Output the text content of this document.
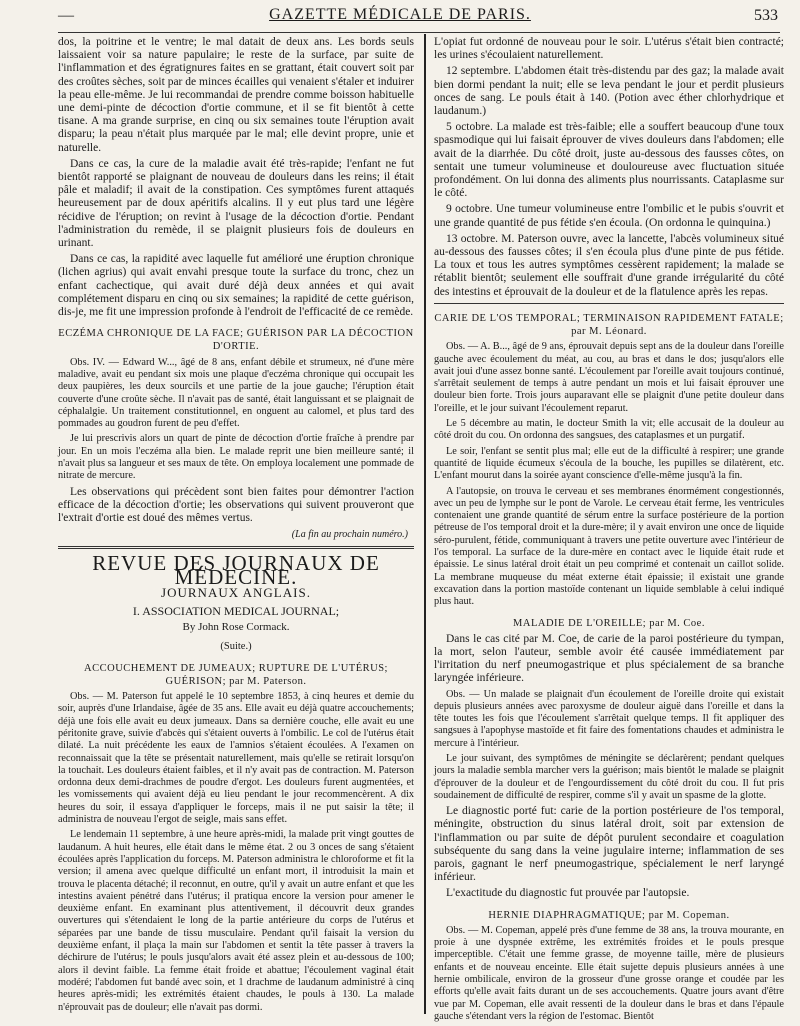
—	GAZETTE MÉDICALE DE PARIS.	533

dos, la poitrine et le ventre; le mal datait de deux ans. Les bords seuls laissaient voir sa nature papulaire; le reste de la surface, par suite de l'inflammation et des égratignures faites en se grattant, était couvert soit par des croûtes sèches, soit par de minces écailles qui venaient s'étaler et induirer la peau elle-même. Je lui recommandai de prendre comme boisson habituelle une demi-pinte de décoction d'ortie commune, et il se fit bientôt à cette tisane. A ma grande surprise, en cinq ou six semaines toute l'éruption avait disparu; la peau n'était plus marquée par le mal; elle devint propre, unie et naturelle.

Dans ce cas, la cure de la maladie avait été très-rapide; l'enfant ne fut bientôt rapporté se plaignant de nouveau de douleurs dans les reins; il était pâle et maladif; il avait de la constipation. Ces symptômes furent attaqués heureusement par de doux apéritifs alcalins. Il y eut plus tard une légère récidive de l'éruption; on revint à l'usage de la décoction d'ortie. Pendant l'administration du remède, il se plaignit plusieurs fois de douleurs en urinant.

Dans ce cas, la rapidité avec laquelle fut amélioré une éruption chronique (lichen agrius) qui avait envahi presque toute la surface du tronc, chez un enfant cachectique, qui avait duré déjà deux années et qui avait complétement disparu en cinq ou six semaines; la rapidité de cette guérison, dis-je, me fit une impression profonde à l'endroit de l'efficacité de ce remède.

ECZÉMA CHRONIQUE DE LA FACE; GUÉRISON PAR LA DÉCOCTION D'ORTIE.

Obs. IV. — Edward W..., âgé de 8 ans, enfant débile et strumeux, né d'une mère maladive, avait eu pendant six mois une plaque d'eczéma chronique qui occupait les deux paupières, les deux sourcils et une partie de la joue gauche; l'éruption était couverte d'une croûte sèche. Il n'avait pas de santé, était languissant et se plaignait de céphalalgie. Un traitement constitutionnel, en onguent au calomel, et plus tard des pommades au goudron furent de peu d'effet.

Je lui prescrivis alors un quart de pinte de décoction d'ortie fraîche à prendre par jour. En un mois l'eczéma alla bien. Le malade reprit une bien meilleure santé; il n'avait plus sa langueur et ses maux de tête. On employa localement une pommade de nitrate de mercure.

Les observations qui précèdent sont bien faites pour démontrer l'action efficace de la décoction d'ortie; les observations qui suivent prouveront que l'extrait d'ortie est doué des mêmes vertus.

(La fin au prochain numéro.)
REVUE DES JOURNAUX DE MÉDECINE.
JOURNAUX ANGLAIS.
I. ASSOCIATION MEDICAL JOURNAL;
By John Rose Cormack.
(Suite.)
ACCOUCHEMENT DE JUMEAUX; RUPTURE DE L'UTÉRUS; GUÉRISON; par M. Paterson.

Obs. — M. Paterson fut appelé le 10 septembre 1853, à cinq heures et demie du soir, auprès d'une Irlandaise, âgée de 35 ans. Elle avait eu déjà quatre accouchements; déjà une fois elle avait eu deux jumeaux. Dans sa dernière couche, elle avait eu une péritonite grave, suivie d'abcès qui s'étaient ouverts à l'ombilic. Le col de l'utérus était dilaté. La nuit précédente les eaux de l'amnios s'étaient écoulées. A l'examen on reconnaissait que la tête se présentait naturellement, mais qu'elle se retirait lorsqu'on la touchait. Les douleurs étaient faibles, et il n'y avait pas de contraction. M. Paterson ordonna deux demi-drachmes de poudre d'ergot. Les douleurs furent augmentées, et les vomissements qui avaient déjà eu lieu pendant le jour recommencèrent. A dix heures du soir, il essaya d'appliquer le forceps, mais il ne put saisir la tête; il administra de nouveau l'ergot de seigle, mais sans effet.

Le lendemain 11 septembre, à une heure après-midi, la malade prit vingt gouttes de laudanum. A huit heures, elle était dans le même état. 2 ou 3 onces de sang s'étaient écoulées après l'application du forceps. M. Paterson administra le chloroforme et fit la version; il amena avec quelque difficulté un enfant mort, il introduisit la main et trouva le placenta détaché; il reconnut, en outre, qu'il y avait un autre enfant et que les intestins avaient pénétré dans l'utérus; il pratiqua encore la version pour amener le deuxième enfant. En examinant plus attentivement, il découvrit deux grandes ouvertures qui s'étendaient le long de la partie antérieure du corps de l'utérus et séparées par une bande de tissu musculaire. Pendant qu'il faisait la version du deuxième enfant, il plaça la main sur l'abdomen et sentit la tête passer à travers la déchirure de l'utérus; le pouls jusqu'alors avait été assez plein et au-dessous de 100; alors il devint faible. La femme était froide et abattue; l'écoulement vaginal était modéré; l'abdomen fut bandé avec soin, et 1 drachme de laudanum administré à cinq heures après-midi; les extrémités étaient chaudes, le pouls à 130. La malade n'éprouvait pas de douleur; elle n'avait pas dormi.

L'opiat fut ordonné de nouveau pour le soir. L'utérus s'était bien contracté; les urines s'écoulaient naturellement.

12 septembre. L'abdomen était très-distendu par des gaz; la malade avait bien dormi pendant la nuit; elle se leva pendant le jour et perdit plusieurs onces de sang. Le pouls était à 140. (Potion avec éther chlorhydrique et laudanum.)

5 octobre. La malade est très-faible; elle a souffert beaucoup d'une toux spasmodique qui lui faisait éprouver de vives douleurs dans l'abdomen; elle avait de la diarrhée. Du côté droit, juste au-dessous des fausses côtes, on sentait une tumeur volumineuse et douloureuse avec fluctuation située profondément. On lui donna des aliments plus nourrissants. Cataplasme sur le côté.

9 octobre. Une tumeur volumineuse entre l'ombilic et le pubis s'ouvrit et une grande quantité de pus fétide s'en écoula. (On ordonna le quinquina.)

13 octobre. M. Paterson ouvre, avec la lancette, l'abcès volumineux situé au-dessous des fausses côtes; il s'en écoula plus d'une pinte de pus fétide. La toux et tous les autres symptômes cessèrent rapidement; la malade se rétablit bientôt; seulement elle souffrait d'une grande irrégularité du côté des intestins et éprouvait de la douleur et de la flatulence après les repas.

CARIE DE L'OS TEMPORAL; TERMINAISON RAPIDEMENT FATALE; par M. Léonard.

Obs. — A. B..., âgé de 9 ans, éprouvait depuis sept ans de la douleur dans l'oreille gauche avec écoulement du méat, au cou, au bras et dans le dos; jusqu'alors elle avait joui d'une assez bonne santé. L'écoulement par l'oreille avait toujours continué, s'arrêtait seulement de temps à autre pendant un mois et lui faisait éprouver une douleur bien forte. Trois jours auparavant elle se plaignit d'une petite douleur dans l'oreille, et le jour suivant l'écoulement reparut.

Le 5 décembre au matin, le docteur Smith la vit; elle accusait de la douleur au côté droit du cou. On ordonna des sangsues, des cataplasmes et un purgatif.

Le soir, l'enfant se sentit plus mal; elle eut de la difficulté à respirer; une grande quantité de liquide écumeux s'écoula de la bouche, les pupilles se dilatèrent, etc. L'enfant mourut dans la soirée ayant conscience d'elle-même jusqu'à la fin.

A l'autopsie, on trouva le cerveau et ses membranes énormément congestionnés, avec un peu de lymphe sur le pont de Varole. Le cerveau était ferme, les ventricules contenaient une grande quantité de sérum entre la surface postérieure de la portion pétreuse de l'os temporal droit et la dure-mère; il y avait environ une once de liquide séro-purulent, fétide, communiquant à travers une petite ouverture avec l'intérieur de l'os temporal. La surface de la dure-mère en contact avec le liquide était rude et épaissie. Le sinus latéral droit était un peu comprimé et contenait un caillot solide. La membrane muqueuse du méat externe était épaissie; il existait une grande excavation dans la portion mastoïde contenant un liquide semblable à celui indiqué plus haut.

MALADIE DE L'OREILLE; par M. Coe.

Dans le cas cité par M. Coe, de carie de la paroi postérieure du tympan, la mort, selon l'auteur, semble avoir été causée immédiatement par l'irritation du nerf pneumogastrique et plus spécialement de sa branche laryngée inférieure.

Obs. — Un malade se plaignait d'un écoulement de l'oreille droite qui existait depuis plusieurs années avec paroxysme de douleur aiguë dans l'oreille et dans la tête toutes les fois que l'écoulement s'arrêtait quelque temps. Il fit appliquer des sangsues à l'apophyse mastoïde et fit faire des fomentations chaudes et administra le mercure à l'intérieur.

Le jour suivant, des symptômes de méningite se déclarèrent; pendant quelques jours la maladie sembla marcher vers la guérison; mais bientôt le malade se plaignit d'éprouver de la douleur et de l'engourdissement du côté droit du cou. Il fut pris soudainement de difficulté de respirer, comme s'il y avait un spasme de la glotte.

Le diagnostic porté fut: carie de la portion postérieure de l'os temporal, méningite, obstruction du sinus latéral droit, soit par extension de l'inflammation ou par suite de dépôt purulent secondaire et coagulation subséquente du sang dans la veine jugulaire interne; inflammation de ses parois, gagnant le nerf pneumogastrique, spécialement le nerf laryngé inférieur.

L'exactitude du diagnostic fut prouvée par l'autopsie.

HERNIE DIAPHRAGMATIQUE; par M. Copeman.

Obs. — M. Copeman, appelé près d'une femme de 38 ans, la trouva mourante, en proie à une dyspnée extrême, les extrémités froides et le pouls presque imperceptible. C'était une femme grasse, de moyenne taille, mère de plusieurs enfants et de nouveau enceinte. Elle était sujette depuis plusieurs années à une hernie ombilicale, environ de la grosseur d'une grosse orange et coudée par les efforts qu'elle avait faits durant un de ses accouchements. Quatre jours avant d'être vue par M. Copeman, elle avait ressenti de la douleur dans le bras et dans l'épaule gauche s'étendant vers la région de l'estomac. Bientôt
